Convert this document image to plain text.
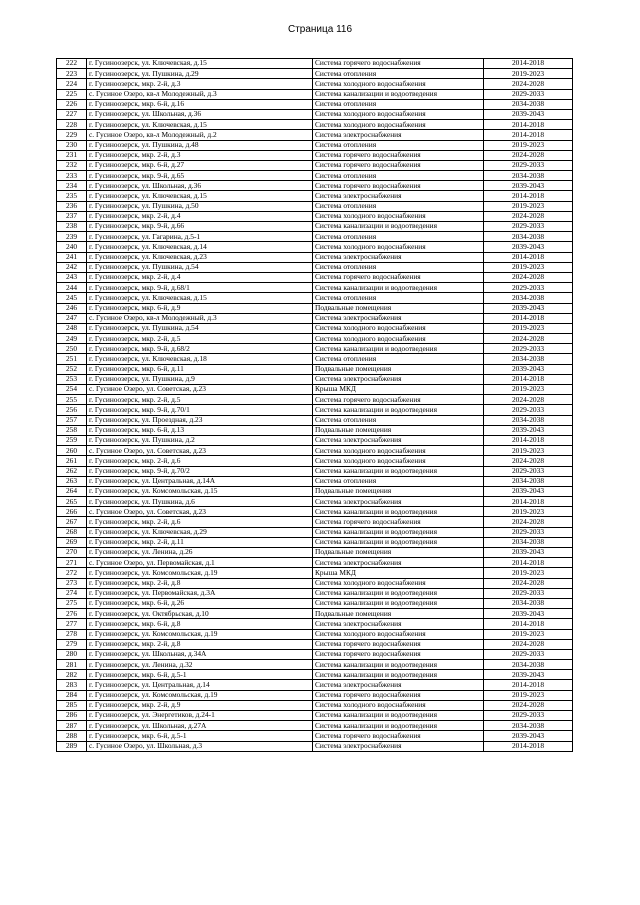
Страница 116
222	г. Гусиноозерск, ул. Ключевская, д.15	Система горячего водоснабжения	2014-2018
223	г. Гусиноозерск, ул. Пушкина, д.29	Система отопления	2019-2023
224	г. Гусиноозерск, мкр. 2-й, д.3	Система холодного водоснабжения	2024-2028
225	с. Гусиное Озеро, кв-л Молодежный, д.3	Система канализации и водоотведения	2029-2033
226	г. Гусиноозерск, мкр. 6-й, д.16	Система отопления	2034-2038
227	г. Гусиноозерск, ул. Школьная, д.36	Система холодного водоснабжения	2039-2043
228	г. Гусиноозерск, ул. Ключевская, д.15	Система холодного водоснабжения	2014-2018
229	с. Гусиное Озеро, кв-л Молодежный, д.2	Система электроснабжения	2014-2018
230	г. Гусиноозерск, ул. Пушкина, д.48	Система отопления	2019-2023
231	г. Гусиноозерск, мкр. 2-й, д.3	Система горячего водоснабжения	2024-2028
232	г. Гусиноозерск, мкр. 6-й, д.27	Система горячего водоснабжения	2029-2033
233	г. Гусиноозерск, мкр. 9-й, д.65	Система отопления	2034-2038
234	г. Гусиноозерск, ул. Школьная, д.36	Система горячего водоснабжения	2039-2043
235	г. Гусиноозерск, ул. Ключевская, д.15	Система электроснабжения	2014-2018
236	г. Гусиноозерск, ул. Пушкина, д.50	Система отопления	2019-2023
237	г. Гусиноозерск, мкр. 2-й, д.4	Система холодного водоснабжения	2024-2028
238	г. Гусиноозерск, мкр. 9-й, д.66	Система канализации и водоотведения	2029-2033
239	г. Гусиноозерск, ул. Гагарина, д.5-1	Система отопления	2034-2038
240	г. Гусиноозерск, ул. Ключевская, д.14	Система холодного водоснабжения	2039-2043
241	г. Гусиноозерск, ул. Ключевская, д.23	Система электроснабжения	2014-2018
242	г. Гусиноозерск, ул. Пушкина, д.54	Система отопления	2019-2023
243	г. Гусиноозерск, мкр. 2-й, д.4	Система горячего водоснабжения	2024-2028
244	г. Гусиноозерск, мкр. 9-й, д.68/1	Система канализации и водоотведения	2029-2033
245	г. Гусиноозерск, ул. Ключевская, д.15	Система отопления	2034-2038
246	г. Гусиноозерск, мкр. 6-й, д.9	Подвальные помещения	2039-2043
247	с. Гусиное Озеро, кв-л Молодежный, д.3	Система электроснабжения	2014-2018
248	г. Гусиноозерск, ул. Пушкина, д.54	Система холодного водоснабжения	2019-2023
249	г. Гусиноозерск, мкр. 2-й, д.5	Система холодного водоснабжения	2024-2028
250	г. Гусиноозерск, мкр. 9-й, д.68/2	Система канализации и водоотведения	2029-2033
251	г. Гусиноозерск, ул. Ключевская, д.18	Система отопления	2034-2038
252	г. Гусиноозерск, мкр. 6-й, д.11	Подвальные помещения	2039-2043
253	г. Гусиноозерск, ул. Пушкина, д.9	Система электроснабжения	2014-2018
254	с. Гусиное Озеро, ул. Советская, д.23	Крыша МКД	2019-2023
255	г. Гусиноозерск, мкр. 2-й, д.5	Система горячего водоснабжения	2024-2028
256	г. Гусиноозерск, мкр. 9-й, д.70/1	Система канализации и водоотведения	2029-2033
257	г. Гусиноозерск, ул. Проездная, д.23	Система отопления	2034-2038
258	г. Гусиноозерск, мкр. 6-й, д.13	Подвальные помещения	2039-2043
259	г. Гусиноозерск, ул. Пушкина, д.2	Система электроснабжения	2014-2018
260	с. Гусиное Озеро, ул. Советская, д.23	Система холодного водоснабжения	2019-2023
261	г. Гусиноозерск, мкр. 2-й, д.6	Система холодного водоснабжения	2024-2028
262	г. Гусиноозерск, мкр. 9-й, д.70/2	Система канализации и водоотведения	2029-2033
263	г. Гусиноозерск, ул. Центральная, д.14А	Система отопления	2034-2038
264	г. Гусиноозерск, ул. Комсомольская, д.15	Подвальные помещения	2039-2043
265	г. Гусиноозерск, ул. Пушкина, д.6	Система электроснабжения	2014-2018
266	с. Гусиное Озеро, ул. Советская, д.23	Система канализации и водоотведения	2019-2023
267	г. Гусиноозерск, мкр. 2-й, д.6	Система горячего водоснабжения	2024-2028
268	г. Гусиноозерск, ул. Ключевская, д.29	Система канализации и водоотведения	2029-2033
269	г. Гусиноозерск, мкр. 2-й, д.11	Система канализации и водоотведения	2034-2038
270	г. Гусиноозерск, ул. Ленина, д.26	Подвальные помещения	2039-2043
271	с. Гусиное Озеро, ул. Первомайская, д.1	Система электроснабжения	2014-2018
272	г. Гусиноозерск, ул. Комсомольская, д.19	Крыша МКД	2019-2023
273	г. Гусиноозерск, мкр. 2-й, д.8	Система холодного водоснабжения	2024-2028
274	г. Гусиноозерск, ул. Первомайская, д.3А	Система канализации и водоотведения	2029-2033
275	г. Гусиноозерск, мкр. 6-й, д.26	Система канализации и водоотведения	2034-2038
276	г. Гусиноозерск, ул. Октябрьская, д.10	Подвальные помещения	2039-2043
277	г. Гусиноозерск, мкр. 6-й, д.8	Система электроснабжения	2014-2018
278	г. Гусиноозерск, ул. Комсомольская, д.19	Система холодного водоснабжения	2019-2023
279	г. Гусиноозерск, мкр. 2-й, д.8	Система горячего водоснабжения	2024-2028
280	г. Гусиноозерск, ул. Школьная, д.34А	Система горячего водоснабжения	2029-2033
281	г. Гусиноозерск, ул. Ленина, д.32	Система канализации и водоотведения	2034-2038
282	г. Гусиноозерск, мкр. 6-й, д.5-1	Система канализации и водоотведения	2039-2043
283	г. Гусиноозерск, ул. Центральная, д.14	Система электроснабжения	2014-2018
284	г. Гусиноозерск, ул. Комсомольская, д.19	Система горячего водоснабжения	2019-2023
285	г. Гусиноозерск, мкр. 2-й, д.9	Система холодного водоснабжения	2024-2028
286	г. Гусиноозерск, ул. Энергетиков, д.24-1	Система канализации и водоотведения	2029-2033
287	г. Гусиноозерск, ул. Школьная, д.27А	Система канализации и водоотведения	2034-2038
288	г. Гусиноозерск, мкр. 6-й, д.5-1	Система горячего водоснабжения	2039-2043
289	с. Гусиное Озеро, ул. Школьная, д.3	Система электроснабжения	2014-2018
